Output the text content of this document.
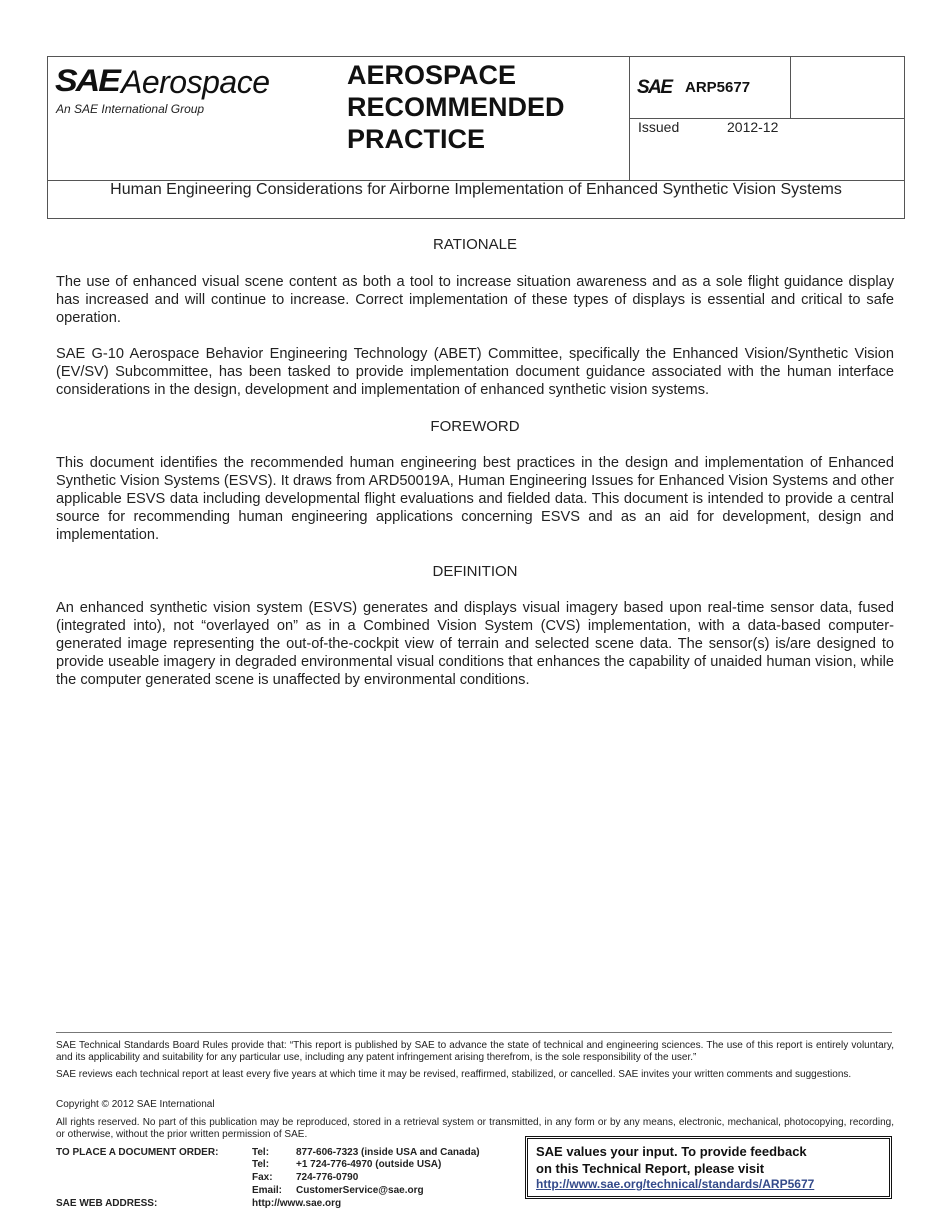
SAE Aerospace
An SAE International Group
AEROSPACE
RECOMMENDED
PRACTICE
SAE ARP5677
Issued	2012-12
Human Engineering Considerations for Airborne Implementation of Enhanced Synthetic Vision Systems

RATIONALE

The use of enhanced visual scene content as both a tool to increase situation awareness and as a sole flight guidance display has increased and will continue to increase. Correct implementation of these types of displays is essential and critical to safe operation.

SAE G-10 Aerospace Behavior Engineering Technology (ABET) Committee, specifically the Enhanced Vision/Synthetic Vision (EV/SV) Subcommittee, has been tasked to provide implementation document guidance associated with the human interface considerations in the design, development and implementation of enhanced synthetic vision systems.

FOREWORD

This document identifies the recommended human engineering best practices in the design and implementation of Enhanced Synthetic Vision Systems (ESVS). It draws from ARD50019A, Human Engineering Issues for Enhanced Vision Systems and other applicable ESVS data including developmental flight evaluations and fielded data. This document is intended to provide a central source for recommending human engineering applications concerning ESVS and as an aid for development, design and implementation.

DEFINITION

An enhanced synthetic vision system (ESVS) generates and displays visual imagery based upon real-time sensor data, fused (integrated into), not “overlayed on” as in a Combined Vision System (CVS) implementation, with a data-based computer-generated image representing the out-of-the-cockpit view of terrain and selected scene data. The sensor(s) is/are designed to provide useable imagery in degraded environmental visual conditions that enhances the capability of unaided human vision, while the computer generated scene is unaffected by environmental conditions.

SAE Technical Standards Board Rules provide that: “This report is published by SAE to advance the state of technical and engineering sciences. The use of this report is entirely voluntary, and its applicability and suitability for any particular use, including any patent infringement arising therefrom, is the sole responsibility of the user.”
SAE reviews each technical report at least every five years at which time it may be revised, reaffirmed, stabilized, or cancelled. SAE invites your written comments and suggestions.
Copyright © 2012 SAE International
All rights reserved. No part of this publication may be reproduced, stored in a retrieval system or transmitted, in any form or by any means, electronic, mechanical, photocopying, recording, or otherwise, without the prior written permission of SAE.
TO PLACE A DOCUMENT ORDER:	Tel:	877-606-7323 (inside USA and Canada)
Tel:	+1 724-776-4970 (outside USA)
Fax: 724-776-0790
Email: CustomerService@sae.org
SAE WEB ADDRESS:	http://www.sae.org
SAE values your input. To provide feedback
on this Technical Report, please visit
http://www.sae.org/technical/standards/ARP5677
